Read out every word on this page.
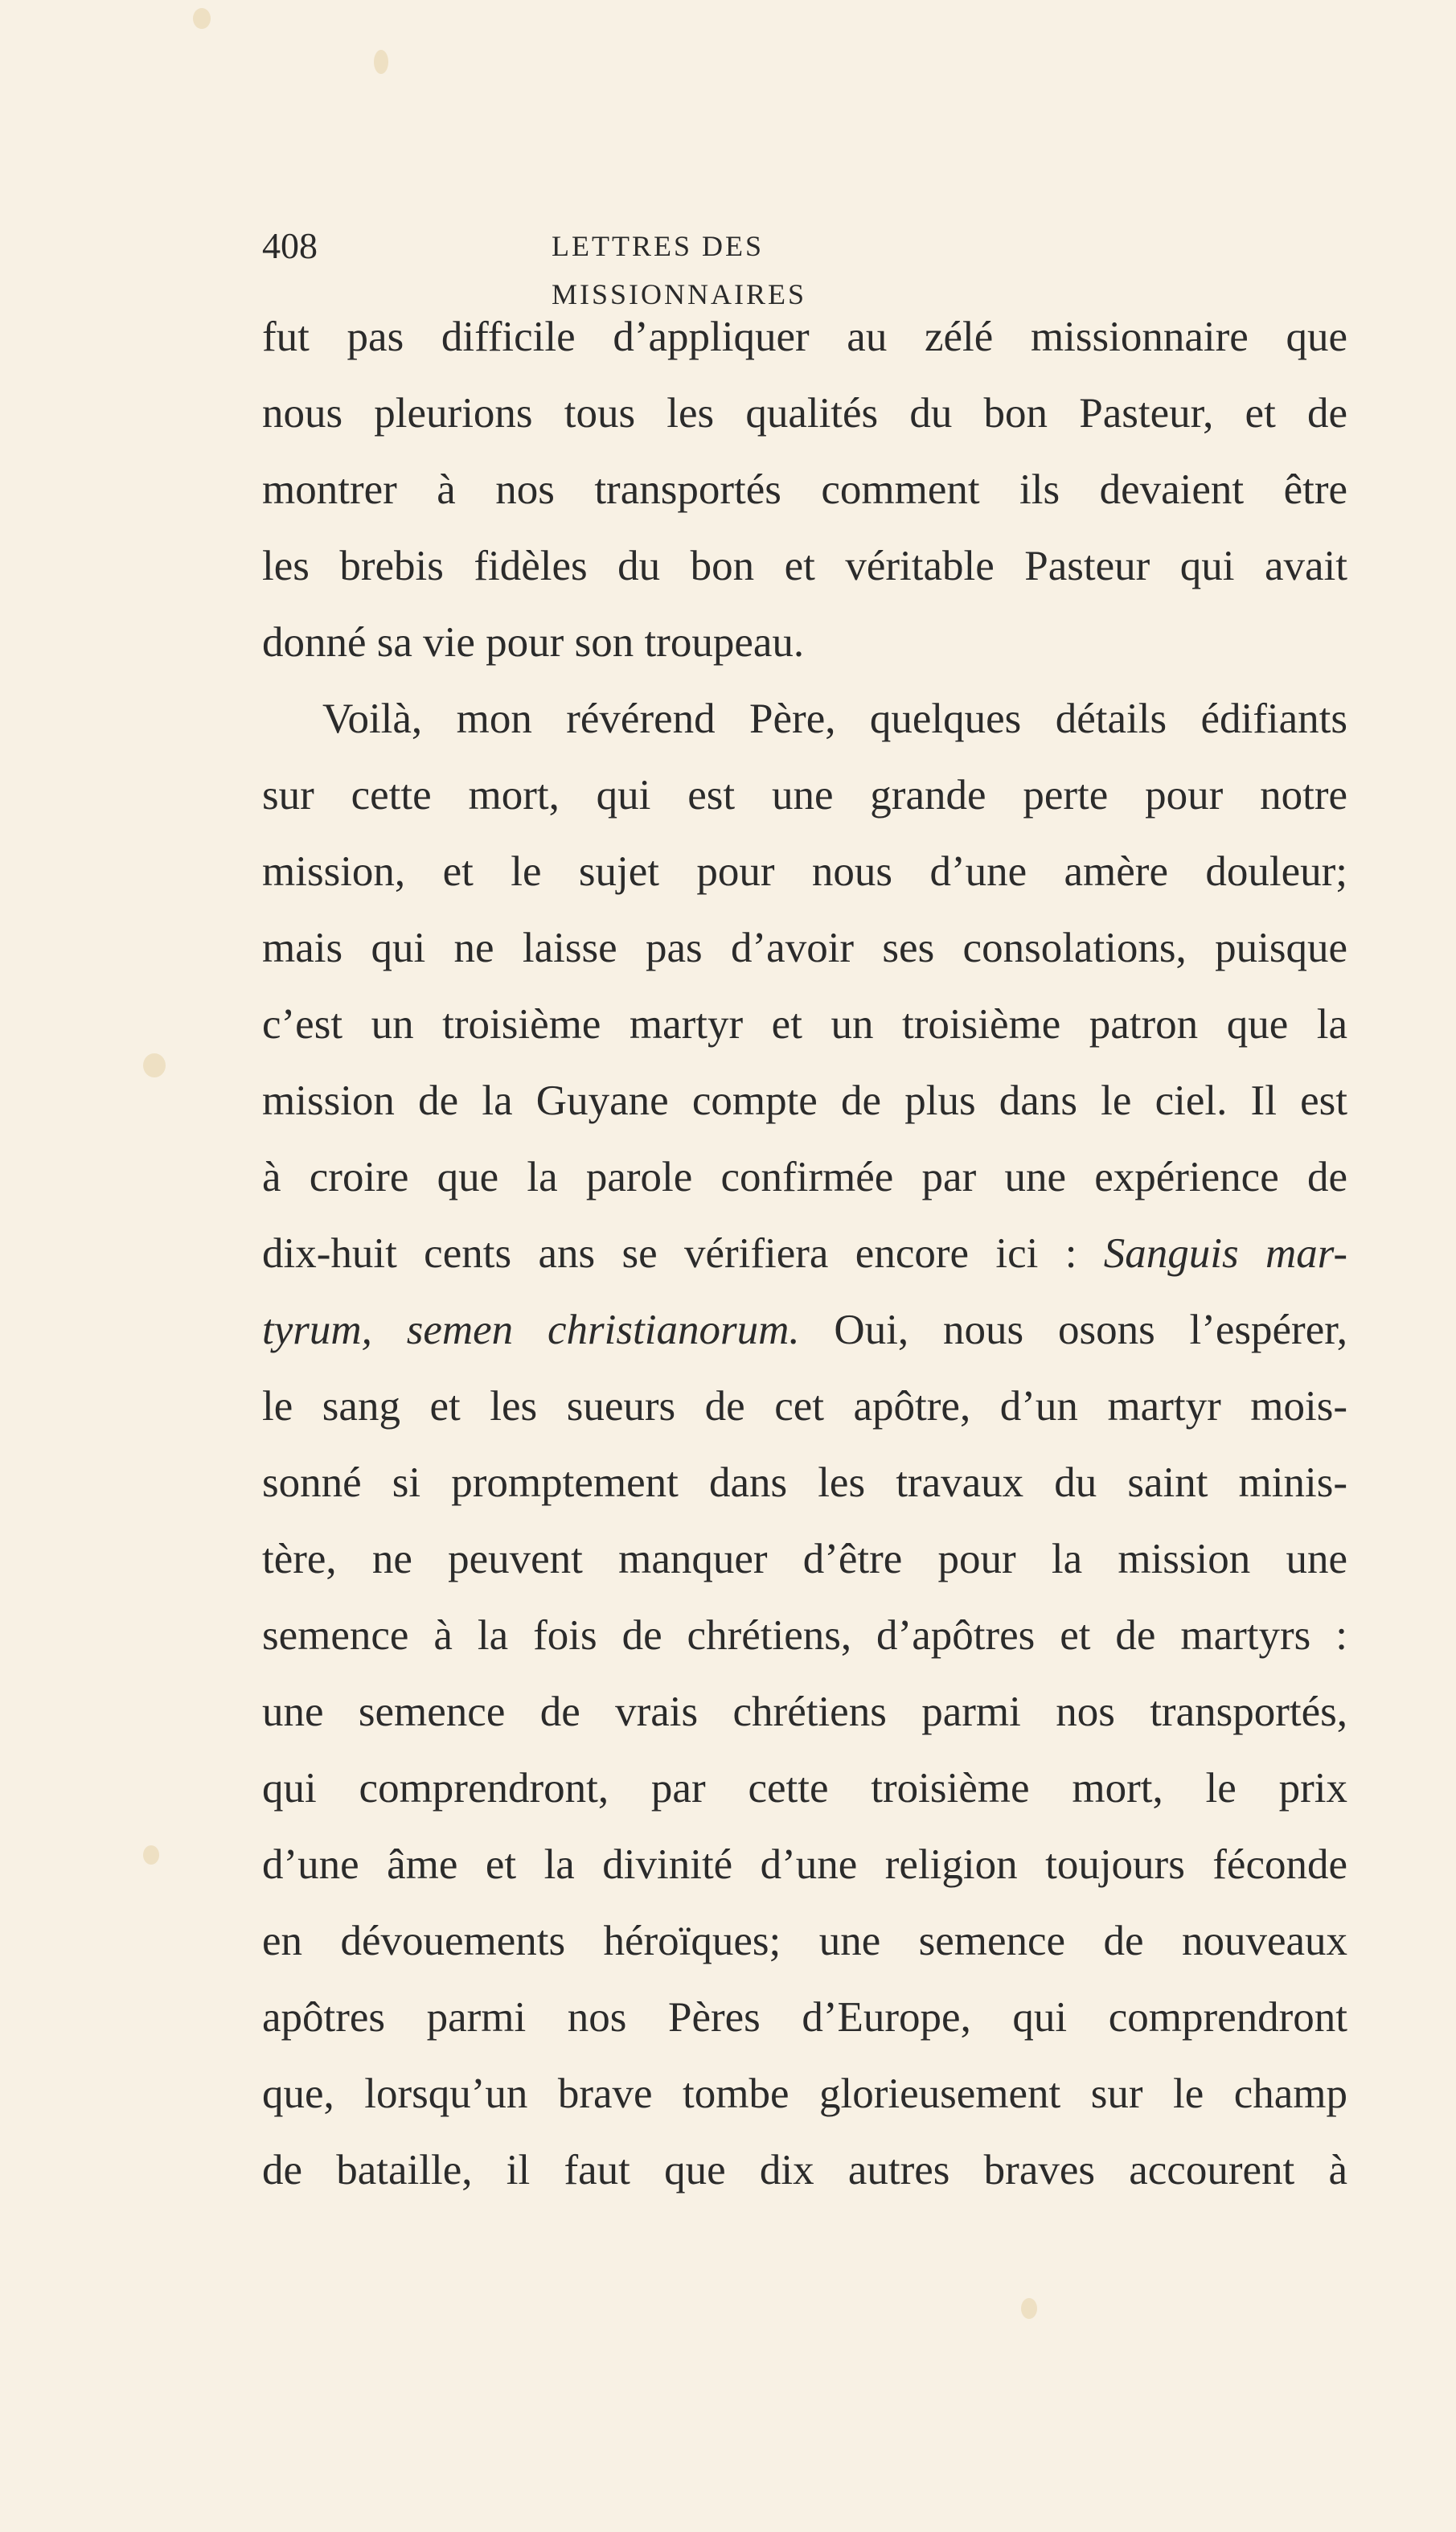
408	LETTRES DES MISSIONNAIRES
fut pas difficile d’appliquer au zélé missionnaire que
nous pleurions tous les qualités du bon Pasteur, et de
montrer à nos transportés comment ils devaient être
les brebis fidèles du bon et véritable Pasteur qui avait
donné sa vie pour son troupeau.
Voilà, mon révérend Père, quelques détails édifiants
sur cette mort, qui est une grande perte pour notre
mission, et le sujet pour nous d’une amère douleur;
mais qui ne laisse pas d’avoir ses consolations, puisque
c’est un troisième martyr et un troisième patron que la
mission de la Guyane compte de plus dans le ciel. Il est
à croire que la parole confirmée par une expérience de
dix-huit cents ans se vérifiera encore ici : Sanguis mar-
tyrum, semen christianorum. Oui, nous osons l’espérer,
le sang et les sueurs de cet apôtre, d’un martyr mois-
sonné si promptement dans les travaux du saint minis-
tère, ne peuvent manquer d’être pour la mission une
semence à la fois de chrétiens, d’apôtres et de martyrs :
une semence de vrais chrétiens parmi nos transportés,
qui comprendront, par cette troisième mort, le prix
d’une âme et la divinité d’une religion toujours féconde
en dévouements héroïques; une semence de nouveaux
apôtres parmi nos Pères d’Europe, qui comprendront
que, lorsqu’un brave tombe glorieusement sur le champ
de bataille, il faut que dix autres braves accourent à
